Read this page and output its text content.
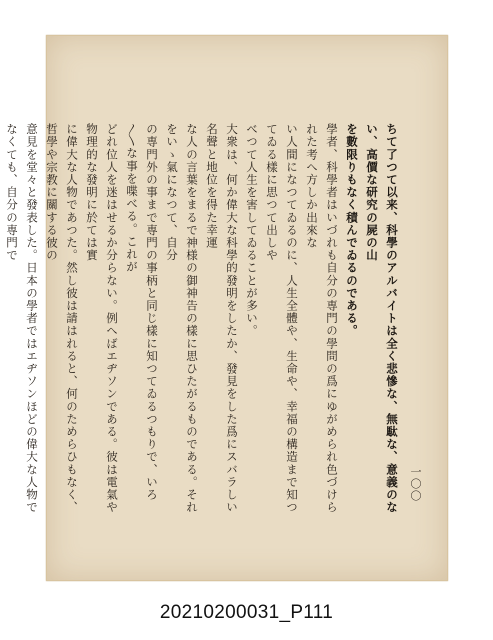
ちて了つて以来、科學のアルバイトは全く悲慘な、無駄な、意義のない、高價な研究の屍の山

を數限りもなく積んでゐるのである。

學者、科學者はいづれも自分の専門の學問の爲にゆがめられ色づけられた考へ方しか出來な

い人間になつてゐるのに、人生全體や、生命や、幸福の構造まで知つてゐる樣に思つて出しや

べつて人生を害してゐることが多い。

大衆は、何か偉大な科學的發明をしたか、發見をした爲にスバラしい名聲と地位を得た幸運

な人の言葉をまるで神様の御神告の樣に思ひたがるものである。それをいゝ氣になつて、自分

の専門外の事まで専門の事柄と同じ樣に知つてゐるつもりで、いろ〳〵な事を喋べる。これが

どれ位人を迷はせるか分らない。例へばエヂソンである。彼は電氣や物理的な發明に於ては實

に偉大な人物であつた。然し彼は請はれると、何のためらひもなく、哲學や宗教に關する彼の

意見を堂々と發表した。日本の學者ではエヂソンほどの偉大な人物でなくても、自分の専門で

一〇〇
20210200031_P111
